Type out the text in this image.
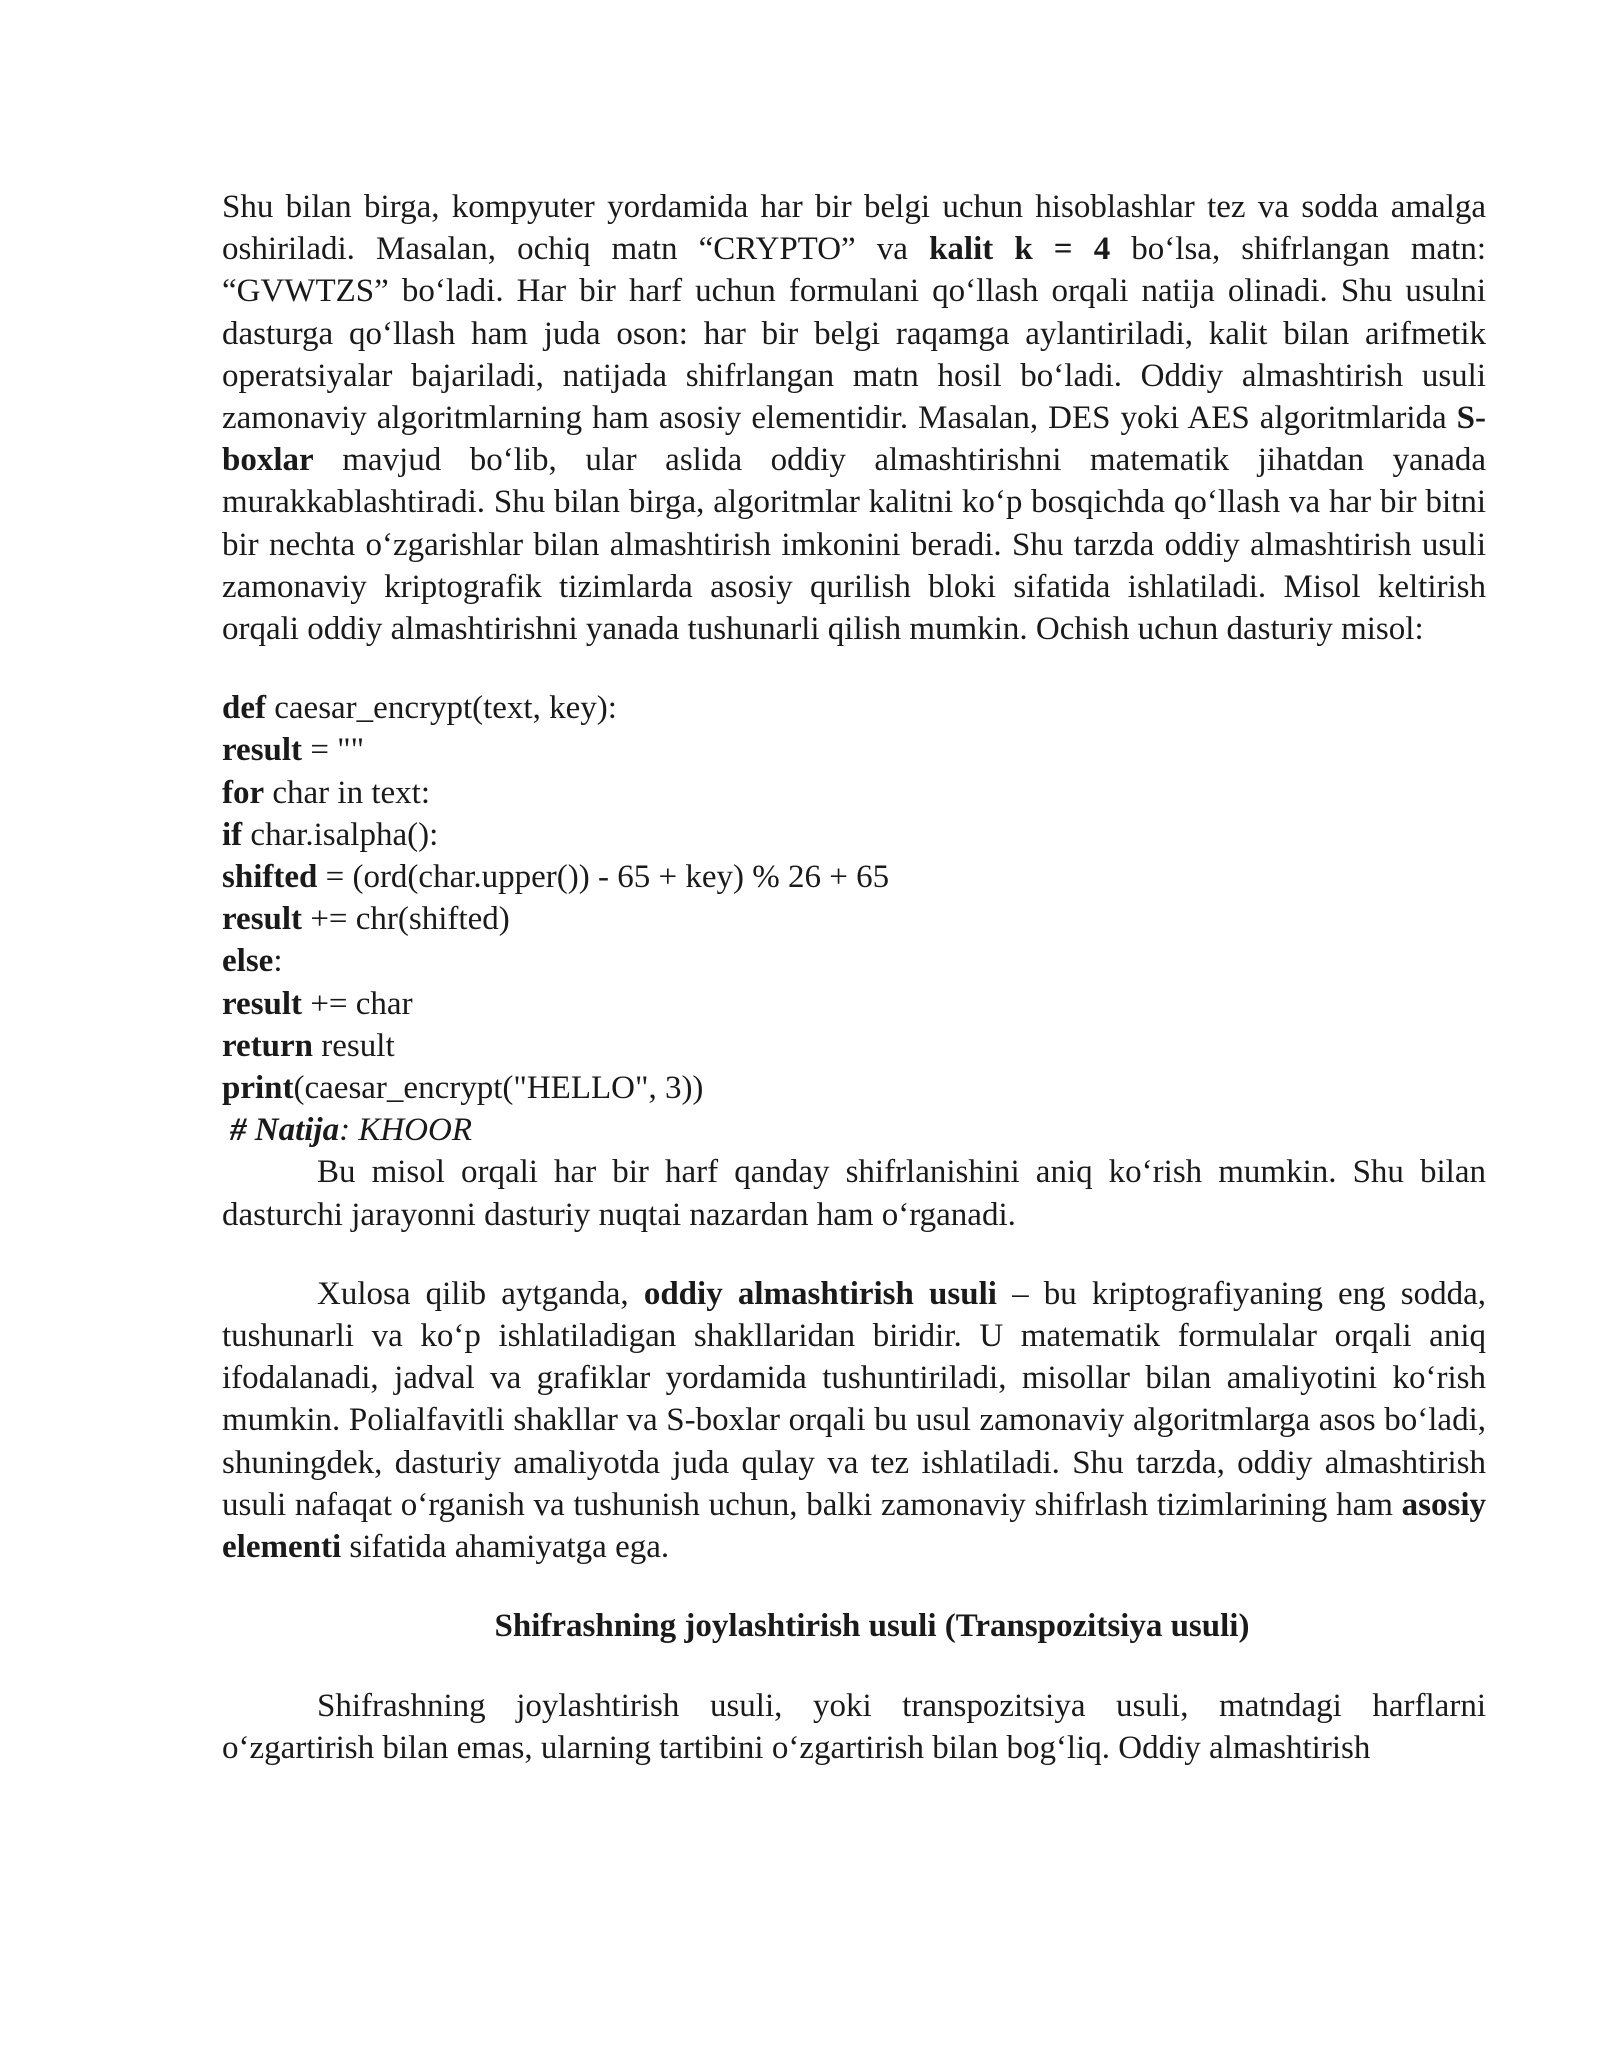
Shu bilan birga, kompyuter yordamida har bir belgi uchun hisoblashlar tez va sodda amalga oshiriladi. Masalan, ochiq matn “CRYPTO” va kalit k = 4 bo‘lsa, shifrlangan matn: “GVWTZS” bo‘ladi. Har bir harf uchun formulani qo‘llash orqali natija olinadi. Shu usulni dasturga qo‘llash ham juda oson: har bir belgi raqamga aylantiriladi, kalit bilan arifmetik operatsiyalar bajariladi, natijada shifrlangan matn hosil bo‘ladi. Oddiy almashtirish usuli zamonaviy algoritmlarning ham asosiy elementidir. Masalan, DES yoki AES algoritmlarida S-boxlar mavjud bo‘lib, ular aslida oddiy almashtirishni matematik jihatdan yanada murakkablashtiradi. Shu bilan birga, algoritmlar kalitni ko‘p bosqichda qo‘llash va har bir bitni bir nechta o‘zgarishlar bilan almashtirish imkonini beradi. Shu tarzda oddiy almashtirish usuli zamonaviy kriptografik tizimlarda asosiy qurilish bloki sifatida ishlatiladi. Misol keltirish orqali oddiy almashtirishni yanada tushunarli qilish mumkin. Ochish uchun dasturiy misol:

def caesar_encrypt(text, key):
result = ""
for char in text:
if char.isalpha():
shifted = (ord(char.upper()) - 65 + key) % 26 + 65
result += chr(shifted)
else:
result += char
return result
print(caesar_encrypt("HELLO", 3))
# Natija: KHOOR

Bu misol orqali har bir harf qanday shifrlanishini aniq ko‘rish mumkin. Shu bilan dasturchi jarayonni dasturiy nuqtai nazardan ham o‘rganadi.

Xulosa qilib aytganda, oddiy almashtirish usuli – bu kriptografiyaning eng sodda, tushunarli va ko‘p ishlatiladigan shakllaridan biridir. U matematik formulalar orqali aniq ifodalanadi, jadval va grafiklar yordamida tushuntiriladi, misollar bilan amaliyotini ko‘rish mumkin. Polialfavitli shakllar va S-boxlar orqali bu usul zamonaviy algoritmlarga asos bo‘ladi, shuningdek, dasturiy amaliyotda juda qulay va tez ishlatiladi. Shu tarzda, oddiy almashtirish usuli nafaqat o‘rganish va tushunish uchun, balki zamonaviy shifrlash tizimlarining ham asosiy elementi sifatida ahamiyatga ega.

Shifrashning joylashtirish usuli (Transpozitsiya usuli)

Shifrashning joylashtirish usuli, yoki transpozitsiya usuli, matndagi harflarni o‘zgartirish bilan emas, ularning tartibini o‘zgartirish bilan bog‘liq. Oddiy almashtirish
